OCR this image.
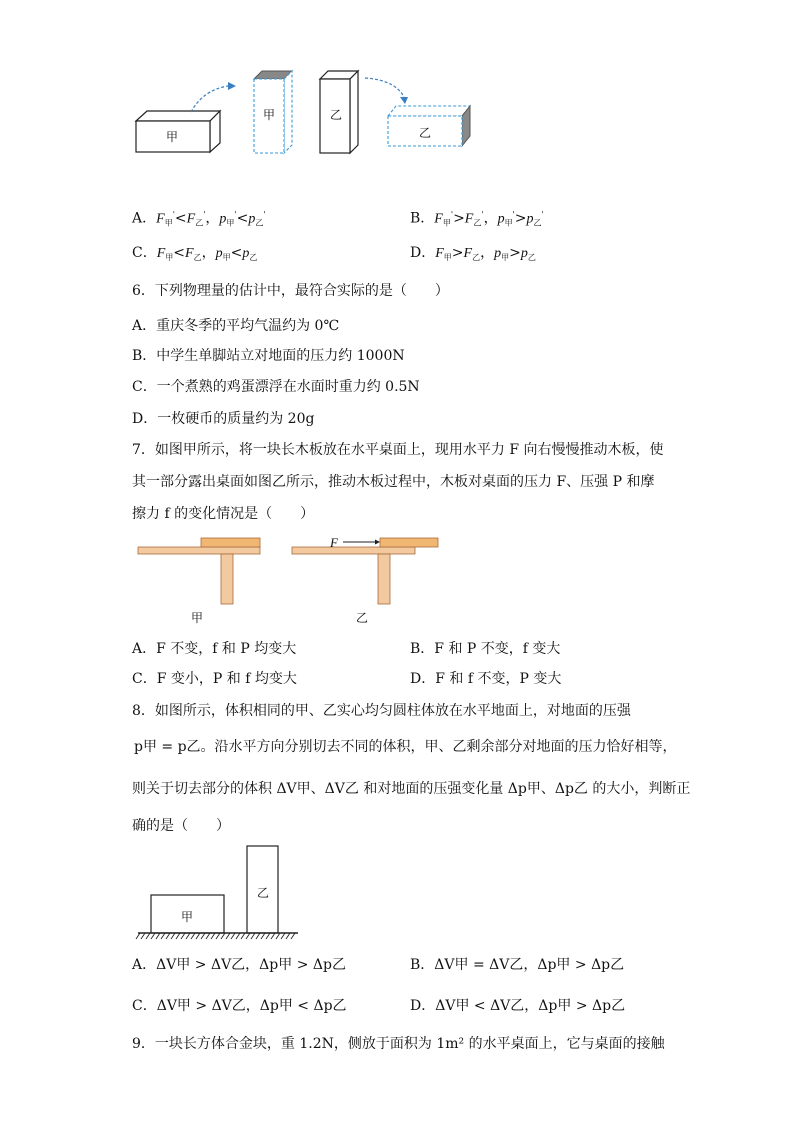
甲
甲	乙
乙
A．$F_甲'<F_乙'$，$p_甲'<p_乙'$	B．$F_甲'>F_乙'$，$p_甲'>p_乙'$
C．$F_甲<F_乙$，$p_甲<p_乙$	D．$F_甲>F_乙$，$p_甲>p_乙$
6．下列物理量的估计中，最符合实际的是（　　）
A．重庆冬季的平均气温约为 0℃
B．中学生单脚站立对地面的压力约 1000N
C．一个煮熟的鸡蛋漂浮在水面时重力约 0.5N
D．一枚硬币的质量约为 20g
7．如图甲所示，将一块长木板放在水平桌面上，现用水平力 F 向右慢慢推动木板，使
其一部分露出桌面如图乙所示，推动木板过程中，木板对桌面的压力 F、压强 P 和摩
擦力 f 的变化情况是（　　）
F
甲	乙
A．F 不变，f 和 P 均变大	B．F 和 P 不变，f 变大
C．F 变小，P 和 f 均变大	D．F 和 f 不变，P 变大
8．如图所示，体积相同的甲、乙实心均匀圆柱体放在水平地面上，对地面的压强
p甲 = p乙。沿水平方向分别切去不同的体积，甲、乙剩余部分对地面的压力恰好相等，
则关于切去部分的体积 ΔV甲、ΔV乙 和对地面的压强变化量 Δp甲、Δp乙 的大小，判断正
确的是（　　）
甲
乙
A．ΔV甲 > ΔV乙，Δp甲 > Δp乙	B．ΔV甲 = ΔV乙，Δp甲 > Δp乙
C．ΔV甲 > ΔV乙，Δp甲 < Δp乙	D．ΔV甲 < ΔV乙，Δp甲 > Δp乙
9．一块长方体合金块，重 1.2N，侧放于面积为 1m² 的水平桌面上，它与桌面的接触
